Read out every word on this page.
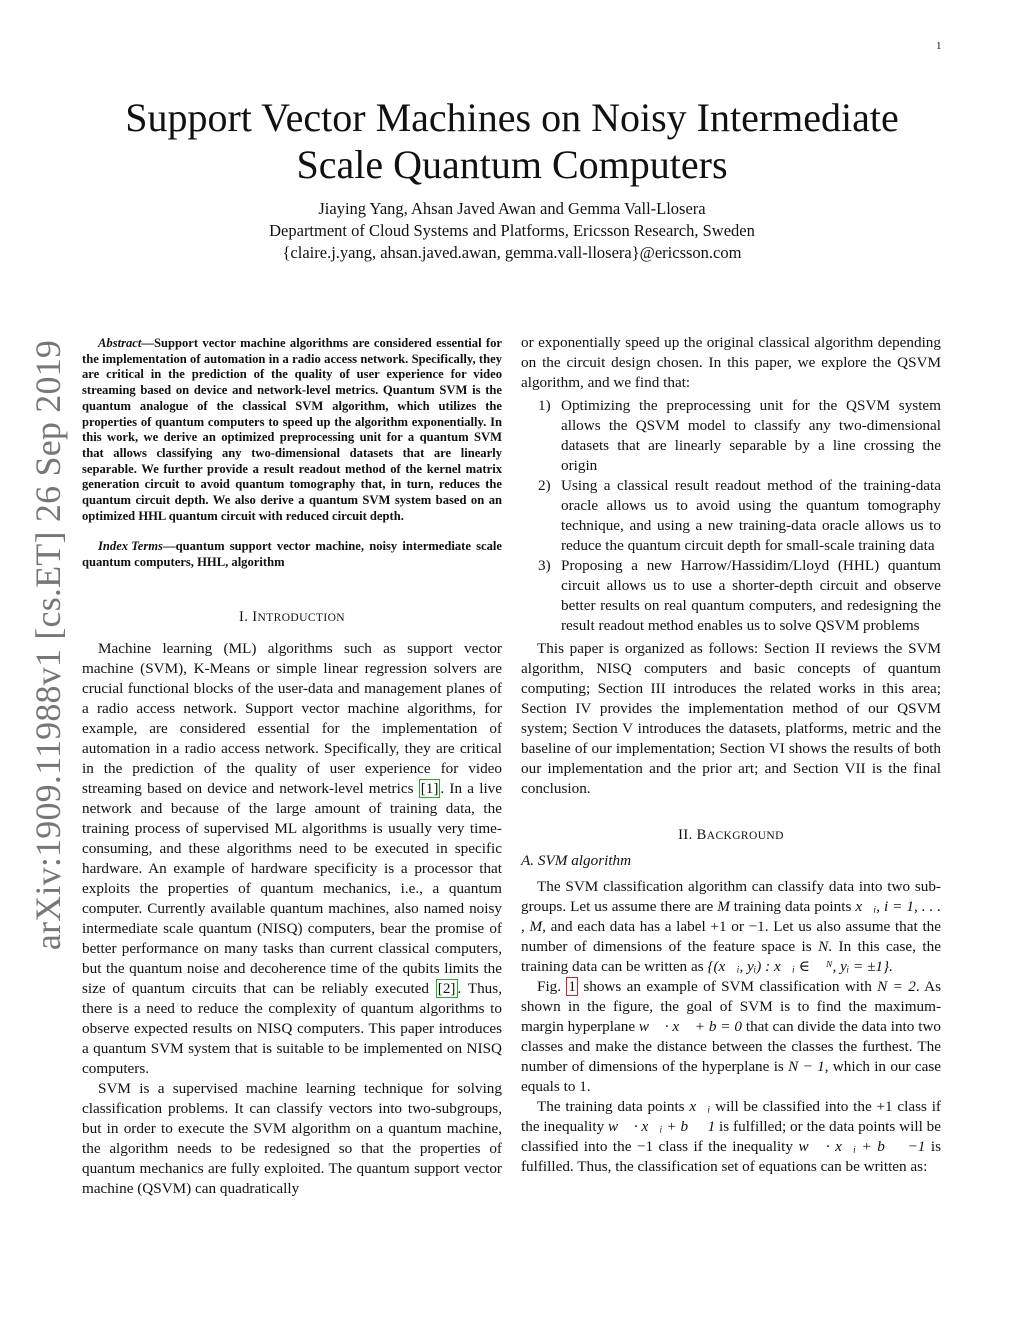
1
arXiv:1909.11988v1 [cs.ET] 26 Sep 2019
Support Vector Machines on Noisy Intermediate
Scale Quantum Computers
Jiaying Yang, Ahsan Javed Awan and Gemma Vall-Llosera
Department of Cloud Systems and Platforms, Ericsson Research, Sweden
{claire.j.yang, ahsan.javed.awan, gemma.vall-llosera}@ericsson.com
Abstract—Support vector machine algorithms are considered essential for the implementation of automation in a radio access network. Specifically, they are critical in the prediction of the quality of user experience for video streaming based on device and network-level metrics. Quantum SVM is the quantum analogue of the classical SVM algorithm, which utilizes the properties of quantum computers to speed up the algorithm exponentially. In this work, we derive an optimized preprocessing unit for a quantum SVM that allows classifying any two-dimensional datasets that are linearly separable. We further provide a result readout method of the kernel matrix generation circuit to avoid quantum tomography that, in turn, reduces the quantum circuit depth. We also derive a quantum SVM system based on an optimized HHL quantum circuit with reduced circuit depth.
Index Terms—quantum support vector machine, noisy intermediate scale quantum computers, HHL, algorithm
I. INTRODUCTION

Machine learning (ML) algorithms such as support vector machine (SVM), K-Means or simple linear regression solvers are crucial functional blocks of the user-data and management planes of a radio access network. Support vector machine algorithms, for example, are considered essential for the implementation of automation in a radio access network. Specifically, they are critical in the prediction of the quality of user experience for video streaming based on device and network-level metrics [1] . In a live network and because of the large amount of training data, the training process of supervised ML algorithms is usually very time-consuming, and these algorithms need to be executed in specific hardware. An example of hardware specificity is a processor that exploits the properties of quantum mechanics, i.e., a quantum computer. Currently available quantum machines, also named noisy intermediate scale quantum (NISQ) computers, bear the promise of better performance on many tasks than current classical computers, but the quantum noise and decoherence time of the qubits limits the size of quantum circuits that can be reliably executed [2] . Thus, there is a need to reduce the complexity of quantum algorithms to observe expected results on NISQ computers. This paper introduces a quantum SVM system that is suitable to be implemented on NISQ computers.

SVM is a supervised machine learning technique for solving classification problems. It can classify vectors into two-subgroups, but in order to execute the SVM algorithm on a quantum machine, the algorithm needs to be redesigned so that the properties of quantum mechanics are fully exploited. The quantum support vector machine (QSVM) can quadratically

or exponentially speed up the original classical algorithm depending on the circuit design chosen. In this paper, we explore the QSVM algorithm, and we find that:

1) Optimizing the preprocessing unit for the QSVM system allows the QSVM model to classify any two-dimensional datasets that are linearly separable by a line crossing the origin
2) Using a classical result readout method of the training-data oracle allows us to avoid using the quantum tomography technique, and using a new training-data oracle allows us to reduce the quantum circuit depth for small-scale training data
3) Proposing a new Harrow/Hassidim/Lloyd (HHL) quantum circuit allows us to use a shorter-depth circuit and observe better results on real quantum computers, and redesigning the result readout method enables us to solve QSVM problems

This paper is organized as follows: Section II reviews the SVM algorithm, NISQ computers and basic concepts of quantum computing; Section III introduces the related works in this area; Section IV provides the implementation method of our QSVM system; Section V introduces the datasets, platforms, metric and the baseline of our implementation; Section VI shows the results of both our implementation and the prior art; and Section VII is the final conclusion.

II. BACKGROUND
A. SVM algorithm

The SVM classification algorithm can classify data into two sub-groups. Let us assume there are M training data points x⃗ᵢ, i = 1, . . . , M, and each data has a label +1 or −1. Let us also assume that the number of dimensions of the feature space is N. In this case, the training data can be written as {(x⃗ᵢ, yᵢ) : x⃗ᵢ ∈ ℝᴺ, yᵢ = ±1}.

Fig. 1 shows an example of SVM classification with N = 2. As shown in the figure, the goal of SVM is to find the maximum-margin hyperplane w⃗ · x⃗ + b = 0 that can divide the data into two classes and make the distance between the classes the furthest. The number of dimensions of the hyperplane is N − 1, which in our case equals to 1.

The training data points x⃗ᵢ will be classified into the +1 class if the inequality w⃗ · x⃗ᵢ + b ⩾ 1 is fulfilled; or the data points will be classified into the −1 class if the inequality w⃗ · x⃗ᵢ + b ⩽ −1 is fulfilled. Thus, the classification set of equations can be written as:
